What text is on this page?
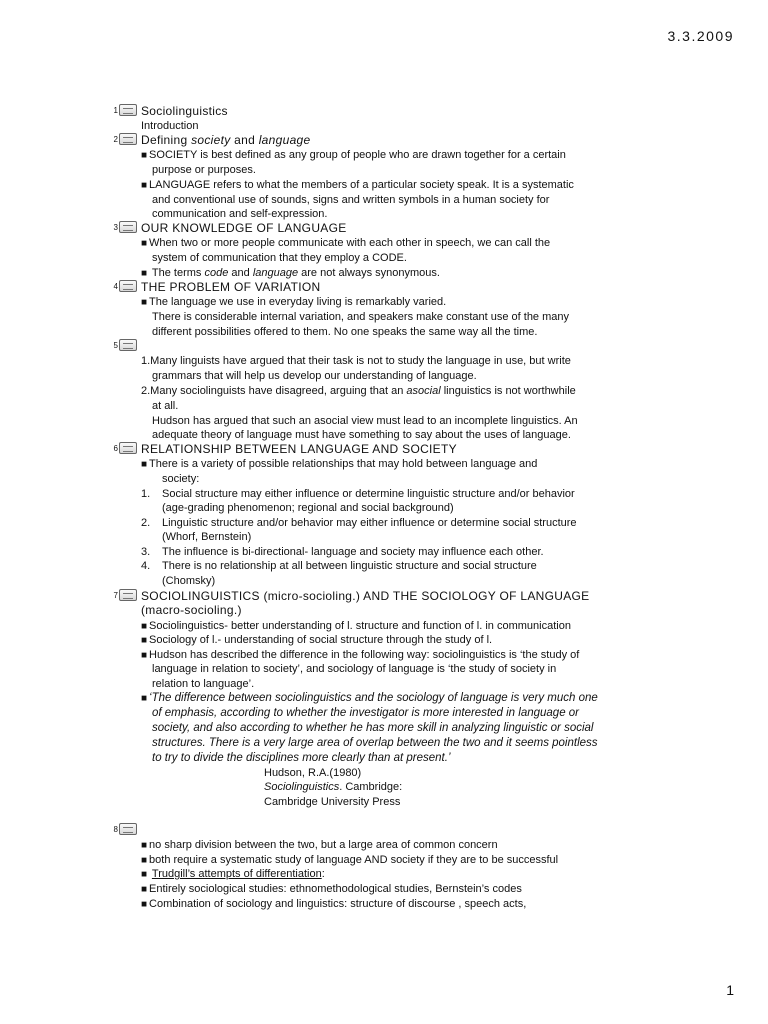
3.3.2009
1 Sociolinguistics
Introduction
2 Defining society and language
■ SOCIETY is best defined as any group of people who are drawn together for a certain
purpose or purposes.
■ LANGUAGE refers to what the members of a particular society speak. It is a systematic
and conventional use of sounds, signs and written symbols in a human society for
communication and self-expression.
3 OUR KNOWLEDGE OF LANGUAGE
■ When two or more people communicate with each other in speech, we can call the
system of communication that they employ a CODE.
■ The terms code and language are not always synonymous.
4 THE PROBLEM OF VARIATION
■ The language we use in everyday living is remarkably varied.
There is considerable internal variation, and speakers make constant use of the many
different possibilities offered to them. No one speaks the same way all the time.
5
1.Many linguists have argued that their task is not to study the language in use, but write
grammars that will help us develop our understanding of language.
2.Many sociolinguists have disagreed, arguing that an asocial linguistics is not worthwhile
at all.
Hudson has argued that such an asocial view must lead to an incomplete linguistics. An
adequate theory of language must have something to say about the uses of language.
6 RELATIONSHIP BETWEEN LANGUAGE AND SOCIETY
■ There is a variety of possible relationships that may hold between language and
society:
1. Social structure may either influence or determine linguistic structure and/or behavior
(age-grading phenomenon; regional and social background)
2. Linguistic structure and/or behavior may either influence or determine social structure
(Whorf, Bernstein)
3. The influence is bi-directional- language and society may influence each other.
4. There is no relationship at all between linguistic structure and social structure
(Chomsky)
7 SOCIOLINGUISTICS (micro-socioling.) AND THE SOCIOLOGY OF LANGUAGE
(macro-socioling.)
■ Sociolinguistics- better understanding of l. structure and function of l. in communication
■ Sociology of l.- understanding of social structure through the study of l.
■ Hudson has described the difference in the following way: sociolinguistics is ‘the study of
language in relation to society’, and sociology of language is ‘the study of society in
relation to language’.
■ ‘The difference between sociolinguistics and the sociology of language is very much one
of emphasis, according to whether the investigator is more interested in language or
society, and also according to whether he has more skill in analyzing linguistic or social
structures. There is a very large area of overlap between the two and it seems pointless
to try to divide the disciplines more clearly than at present.’
Hudson, R.A.(1980)
Sociolinguistics. Cambridge:
Cambridge University Press
8
■ no sharp division between the two, but a large area of common concern
■ both require a systematic study of language AND society if they are to be successful
■ Trudgill’s attempts of differentiation:
■ Entirely sociological studies: ethnomethodological studies, Bernstein’s codes
■ Combination of sociology and linguistics: structure of discourse , speech acts,
1
